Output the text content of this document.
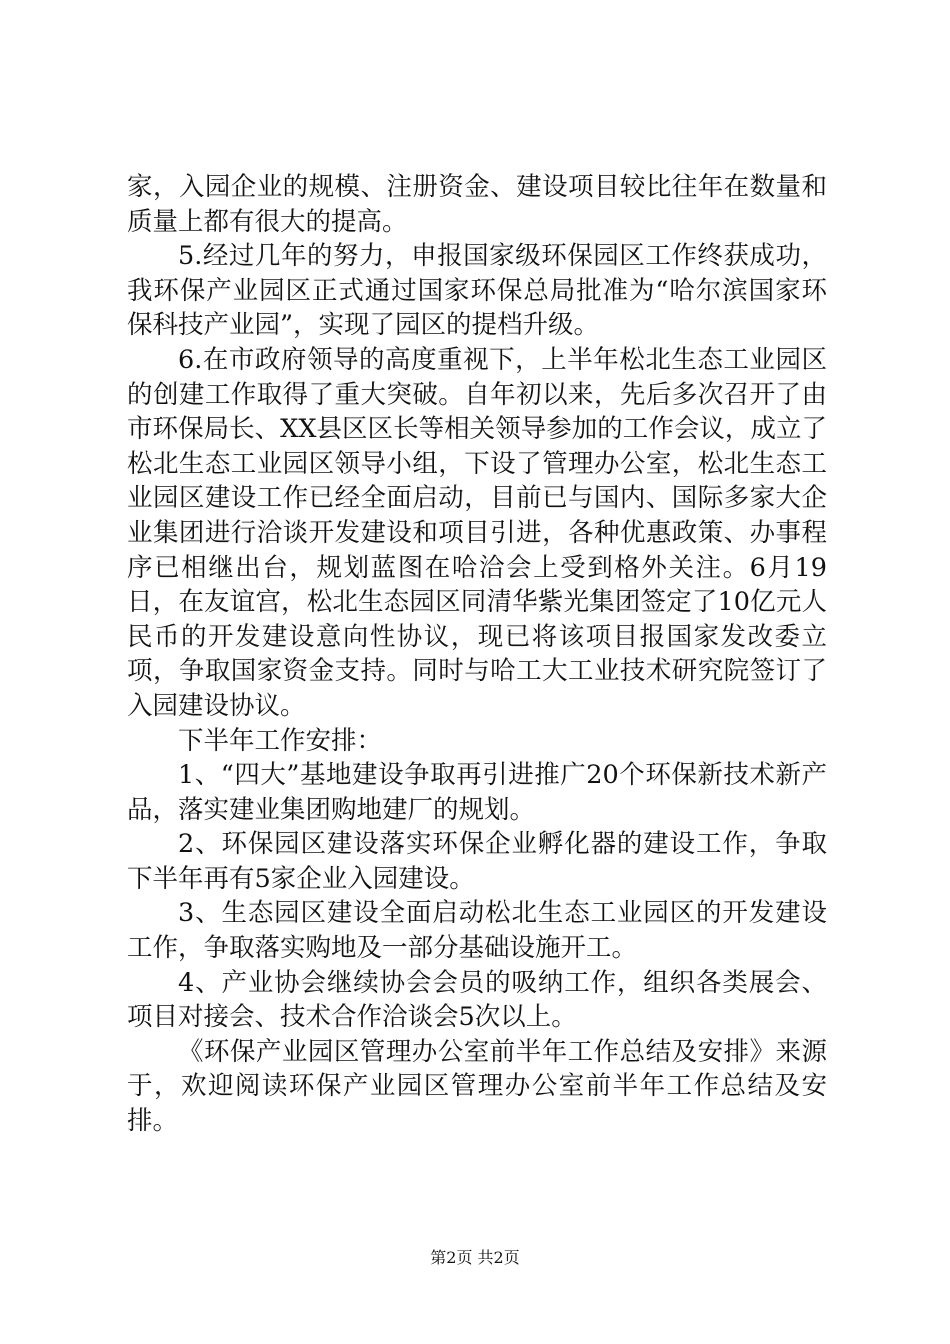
家，入园企业的规模、注册资金、建设项目较比往年在数量和质量上都有很大的提高。

5.经过几年的努力，申报国家级环保园区工作终获成功，我环保产业园区正式通过国家环保总局批准为“哈尔滨国家环保科技产业园”，实现了园区的提档升级。

6.在市政府领导的高度重视下，上半年松北生态工业园区的创建工作取得了重大突破。自年初以来，先后多次召开了由市环保局长、XX县区区长等相关领导参加的工作会议，成立了松北生态工业园区领导小组，下设了管理办公室，松北生态工业园区建设工作已经全面启动，目前已与国内、国际多家大企业集团进行洽谈开发建设和项目引进，各种优惠政策、办事程序已相继出台，规划蓝图在哈洽会上受到格外关注。6月19日，在友谊宫，松北生态园区同清华紫光集团签定了10亿元人民币的开发建设意向性协议，现已将该项目报国家发改委立项，争取国家资金支持。同时与哈工大工业技术研究院签订了入园建设协议。

下半年工作安排：

1、“四大”基地建设争取再引进推广20个环保新技术新产品，落实建业集团购地建厂的规划。

2、环保园区建设落实环保企业孵化器的建设工作，争取下半年再有5家企业入园建设。

3、生态园区建设全面启动松北生态工业园区的开发建设工作，争取落实购地及一部分基础设施开工。

4、产业协会继续协会会员的吸纳工作，组织各类展会、项目对接会、技术合作洽谈会5次以上。

《环保产业园区管理办公室前半年工作总结及安排》来源于，欢迎阅读环保产业园区管理办公室前半年工作总结及安排。

第2页 共2页
